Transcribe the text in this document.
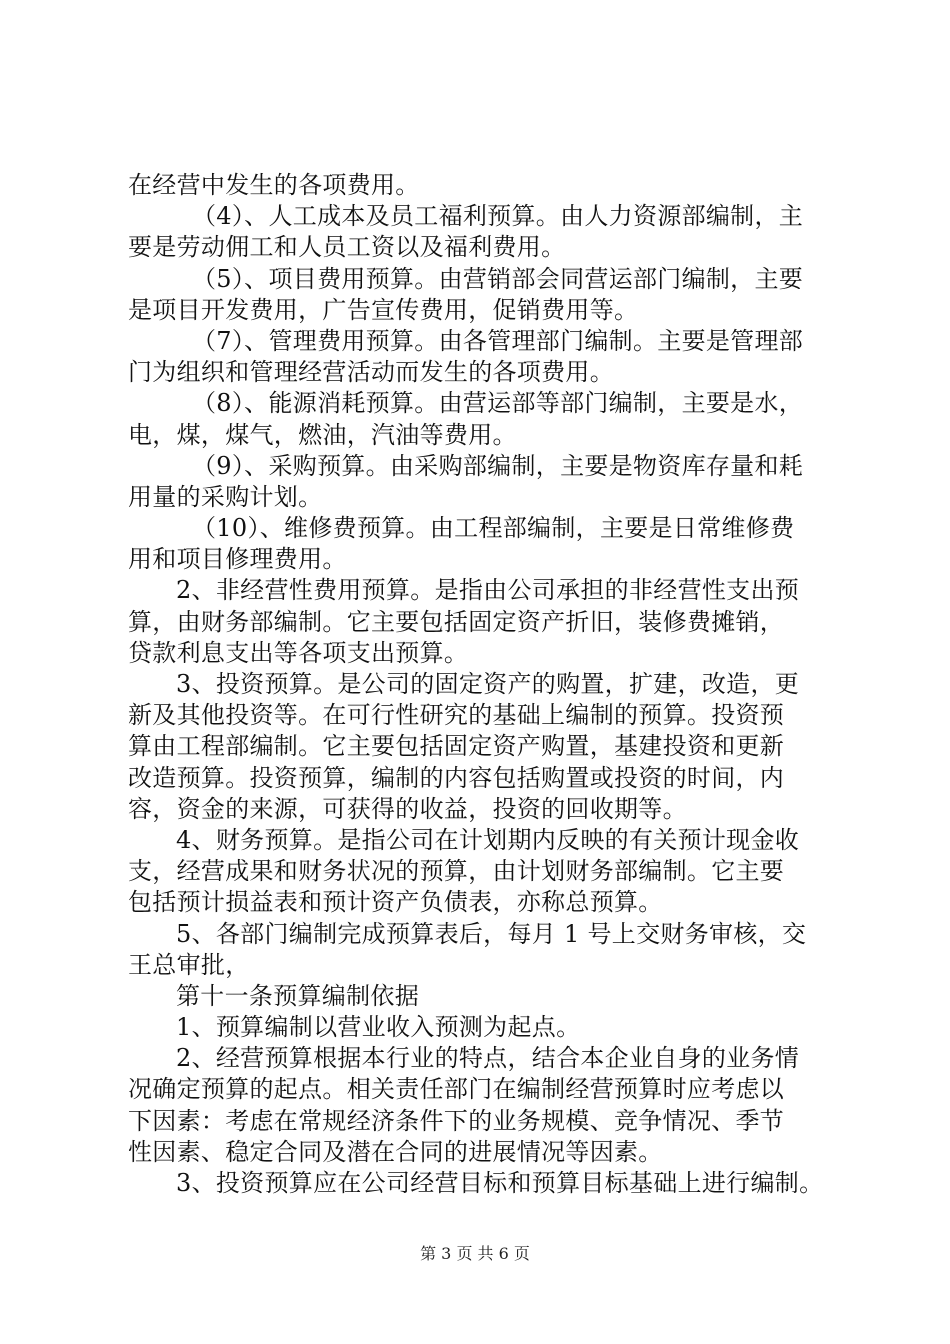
在经营中发生的各项费用。
（4）、人工成本及员工福利预算。由人力资源部编制，主
要是劳动佣工和人员工资以及福利费用。
（5）、项目费用预算。由营销部会同营运部门编制，主要
是项目开发费用，广告宣传费用，促销费用等。
（7）、管理费用预算。由各管理部门编制。主要是管理部
门为组织和管理经营活动而发生的各项费用。
（8）、能源消耗预算。由营运部等部门编制，主要是水，
电，煤，煤气，燃油，汽油等费用。
（9）、采购预算。由采购部编制，主要是物资库存量和耗
用量的采购计划。
（10）、维修费预算。由工程部编制，主要是日常维修费
用和项目修理费用。
2、非经营性费用预算。是指由公司承担的非经营性支出预
算，由财务部编制。它主要包括固定资产折旧，装修费摊销，
贷款利息支出等各项支出预算。
3、投资预算。是公司的固定资产的购置，扩建，改造，更
新及其他投资等。在可行性研究的基础上编制的预算。投资预
算由工程部编制。它主要包括固定资产购置，基建投资和更新
改造预算。投资预算，编制的内容包括购置或投资的时间，内
容，资金的来源，可获得的收益，投资的回收期等。
4、财务预算。是指公司在计划期内反映的有关预计现金收
支，经营成果和财务状况的预算，由计划财务部编制。它主要
包括预计损益表和预计资产负债表，亦称总预算。
5、各部门编制完成预算表后，每月 1 号上交财务审核，交
王总审批，
第十一条预算编制依据
1、预算编制以营业收入预测为起点。
2、经营预算根据本行业的特点，结合本企业自身的业务情
况确定预算的起点。相关责任部门在编制经营预算时应考虑以
下因素：考虑在常规经济条件下的业务规模、竞争情况、季节
性因素、稳定合同及潜在合同的进展情况等因素。
3、投资预算应在公司经营目标和预算目标基础上进行编制。
第 3 页 共 6 页
